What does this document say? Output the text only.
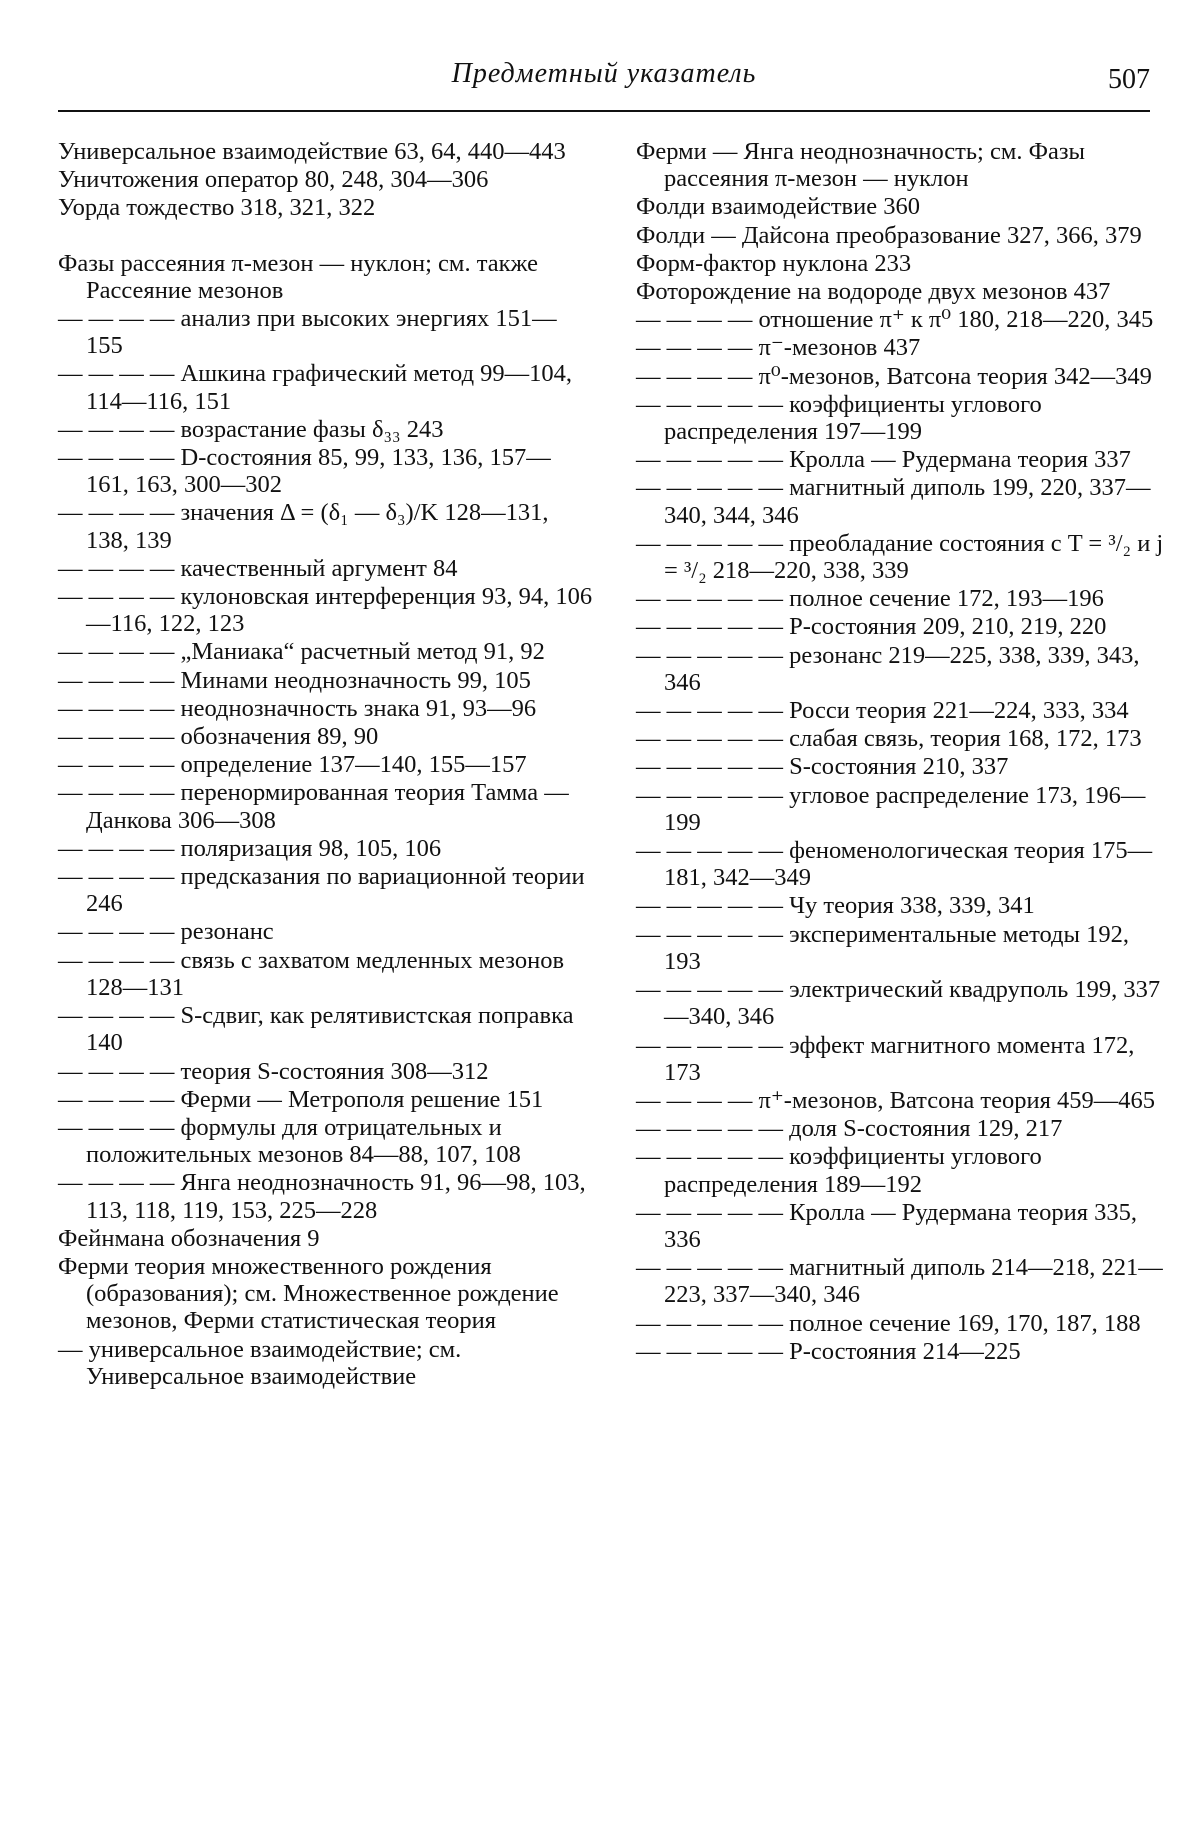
Предметный указатель	507

Универсальное взаимодействие 63, 64, 440—443

Уничтожения оператор 80, 248, 304—306

Уорда тождество 318, 321, 322

Фазы рассеяния π-мезон — нуклон; см. также Рассеяние мезонов

— — — — анализ при высоких энергиях 151—155

— — — — Ашкина графический метод 99—104, 114—116, 151

— — — — возрастание фазы δ₃₃ 243

— — — — D-состояния 85, 99, 133, 136, 157—161, 163, 300—302

— — — — значения Δ = (δ₁ — δ₃)/K 128—131, 138, 139

— — — — качественный аргумент 84

— — — — кулоновская интерференция 93, 94, 106—116, 122, 123

— — — — „Маниака“ расчетный метод 91, 92

— — — — Минами неоднозначность 99, 105

— — — — неоднозначность знака 91, 93—96

— — — — обозначения 89, 90

— — — — определение 137—140, 155—157

— — — — перенормированная теория Тамма — Данкова 306—308

— — — — поляризация 98, 105, 106

— — — — предсказания по вариационной теории 246

— — — — резонанс

— — — — связь с захватом медленных мезонов 128—131

— — — — S-сдвиг, как релятивистская поправка 140

— — — — теория S-состояния 308—312

— — — — Ферми — Метрополя решение 151

— — — — формулы для отрицательных и положительных мезонов 84—88, 107, 108

— — — — Янга неоднозначность 91, 96—98, 103, 113, 118, 119, 153, 225—228

Фейнмана обозначения 9

Ферми теория множественного рождения (образования); см. Множественное рождение мезонов, Ферми статистическая теория

— универсальное взаимодействие; см. Универсальное взаимодействие

Ферми — Янга неоднозначность; см. Фазы рассеяния π-мезон — нуклон

Фолди взаимодействие 360

Фолди — Дайсона преобразование 327, 366, 379

Форм-фактор нуклона 233

Фоторождение на водороде двух мезонов 437

— — — — отношение π⁺ к π⁰ 180, 218—220, 345

— — — — π⁻-мезонов 437

— — — — π⁰-мезонов, Ватсона теория 342—349

— — — — — коэффициенты углового распределения 197—199

— — — — — Кролла — Рудермана теория 337

— — — — — магнитный диполь 199, 220, 337—340, 344, 346

— — — — — преобладание состояния с T = ³/₂ и j = ³/₂ 218—220, 338, 339

— — — — — полное сечение 172, 193—196

— — — — — P-состояния 209, 210, 219, 220

— — — — — резонанс 219—225, 338, 339, 343, 346

— — — — — Росси теория 221—224, 333, 334

— — — — — слабая связь, теория 168, 172, 173

— — — — — S-состояния 210, 337

— — — — — угловое распределение 173, 196—199

— — — — — феноменологическая теория 175—181, 342—349

— — — — — Чу теория 338, 339, 341

— — — — — экспериментальные методы 192, 193

— — — — — электрический квадруполь 199, 337—340, 346

— — — — — эффект магнитного момента 172, 173

— — — — π⁺-мезонов, Ватсона теория 459—465

— — — — — доля S-состояния 129, 217

— — — — — коэффициенты углового распределения 189—192

— — — — — Кролла — Рудермана теория 335, 336

— — — — — магнитный диполь 214—218, 221—223, 337—340, 346

— — — — — полное сечение 169, 170, 187, 188

— — — — — P-состояния 214—225
